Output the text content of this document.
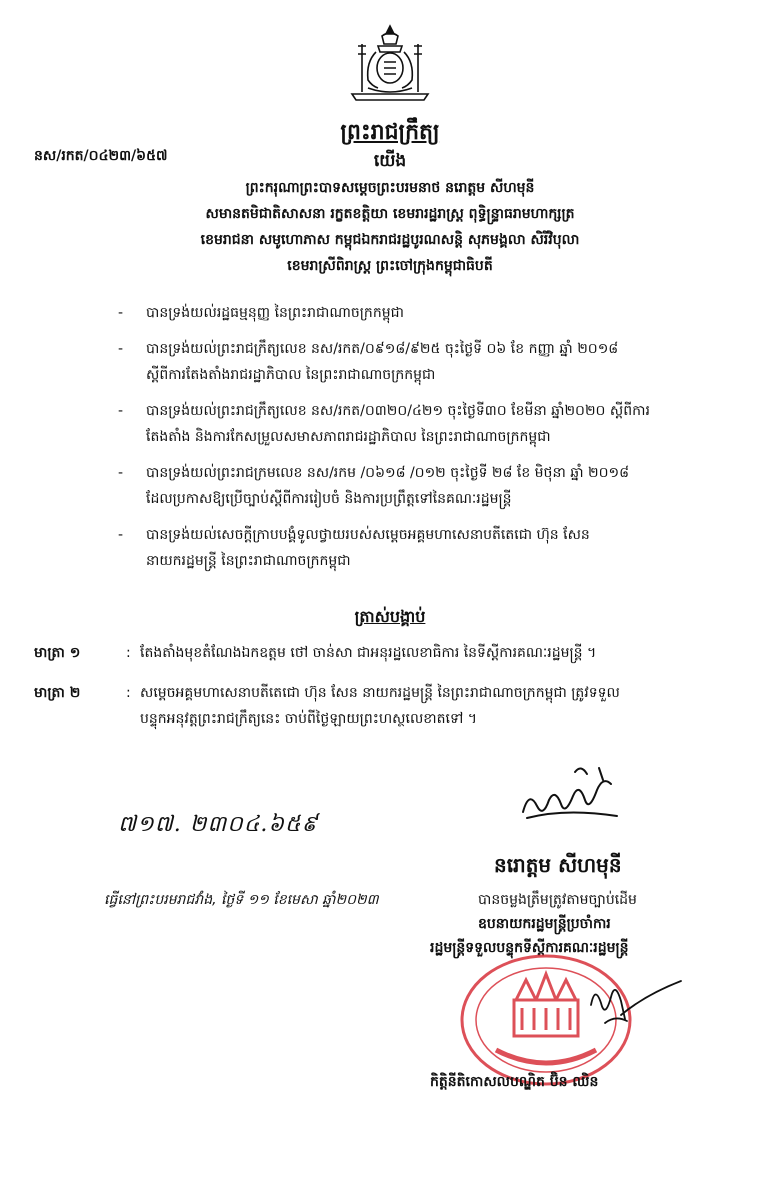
ព្រះរាជក្រឹត្យ
នស/រកត/០៤២៣/៦៥៧	យើង
ព្រះករុណាព្រះបាទសម្តេចព្រះបរមនាថ នរោត្តម សីហមុនី
សមានតមិជាតិសាសនា រក្ខតខត្តិយា ខេមរារដ្ឋរាស្ត្រ ពុទ្ធិន្ទ្រាធរាមហាក្សត្រ
ខេមរាជនា សមូហោភាស កម្ពុជឯករាជរដ្ឋបូរណសន្តិ សុភមង្គលា សិរីវិបុលា
ខេមរាស្រីពិរាស្ត្រ ព្រះចៅក្រុងកម្ពុជាធិបតី
- បានទ្រង់យល់រដ្ឋធម្មនុញ្ញ នៃព្រះរាជាណាចក្រកម្ពុជា
- បានទ្រង់យល់ព្រះរាជក្រឹត្យលេខ នស/រកត/០៩១៨/៩២៥ ចុះថ្ងៃទី ០៦ ខែ កញ្ញា ឆ្នាំ ២០១៨
ស្តីពីការតែងតាំងរាជរដ្ឋាភិបាល នៃព្រះរាជាណាចក្រកម្ពុជា
- បានទ្រង់យល់ព្រះរាជក្រឹត្យលេខ នស/រកត/០៣២០/៤២១ ចុះថ្ងៃទី៣០ ខែមីនា ឆ្នាំ២០២០ ស្តីពីការ
តែងតាំង និងការកែសម្រួលសមាសភាពរាជរដ្ឋាភិបាល នៃព្រះរាជាណាចក្រកម្ពុជា
- បានទ្រង់យល់ព្រះរាជក្រមលេខ នស/រកម /០៦១៨ /០១២ ចុះថ្ងៃទី ២៨ ខែ មិថុនា ឆ្នាំ ២០១៨
ដែលប្រកាសឱ្យប្រើច្បាប់ស្តីពីការរៀបចំ និងការប្រព្រឹត្តទៅនៃគណៈរដ្ឋមន្ត្រី
- បានទ្រង់យល់សេចក្តីក្រាបបង្គំទូលថ្វាយរបស់សម្តេចអគ្គមហាសេនាបតីតេជោ ហ៊ុន សែន
នាយករដ្ឋមន្ត្រី នៃព្រះរាជាណាចក្រកម្ពុជា
ត្រាស់បង្គាប់
មាត្រា ១	: តែងតាំងមុខតំណែងឯកឧត្តម ថៅ ចាន់សា ជាអនុរដ្ឋលេខាធិការ នៃទីស្តីការគណៈរដ្ឋមន្ត្រី ។
មាត្រា ២	: សម្តេចអគ្គមហាសេនាបតីតេជោ ហ៊ុន សែន នាយករដ្ឋមន្ត្រី នៃព្រះរាជាណាចក្រកម្ពុជា ត្រូវទទួល
បន្ទុកអនុវត្តព្រះរាជក្រឹត្យនេះ ចាប់ពីថ្ងៃឡាយព្រះហស្ថលេខាតទៅ ។
៧១៧. ២៣០៤.៦៥៩
នរោត្តម សីហមុនី
ធ្វើនៅព្រះបរមរាជវាំង, ថ្ងៃទី ១១ ខែមេសា ឆ្នាំ២០២៣	បានចម្លងត្រឹមត្រូវតាមច្បាប់ដើម
ឧបនាយករដ្ឋមន្ត្រីប្រចាំការ
រដ្ឋមន្ត្រីទទួលបន្ទុកទីស្តីការគណៈរដ្ឋមន្ត្រី
កិត្តិនីតិកោសលបណ្ឌិត ប៊ិន ឈិន
